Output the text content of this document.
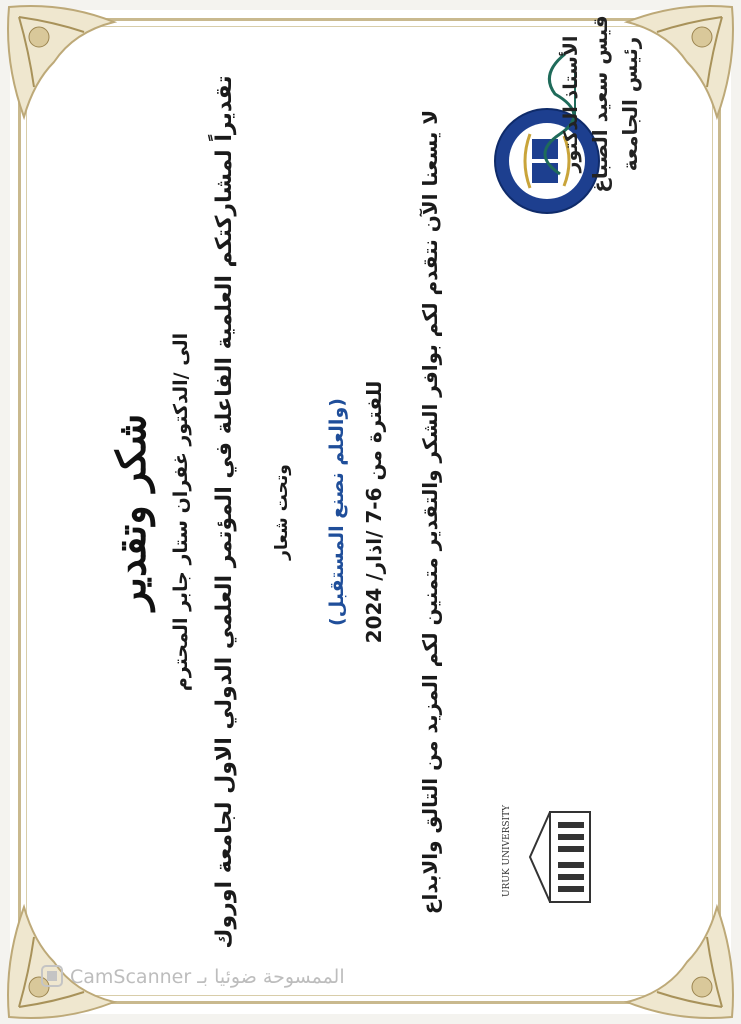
شكر وتقدير الى /الدكتور غفران ستار جابر المحترم تقديراً لمشاركتكم العلمية الفاعلة في المؤتمر العلمي الدولي الاول لجامعة اوروك وتحت شعار (والعلم نصنع المستقبل) للفترة من 6-7 /اذار/ 2024 لا يسعنا الآن نتقدم لكم بوافر الشكر والتقدير متمنين لكم المزيد من التالق والابداع
الأستاذ الدكتور قيس سعيد الصباغ رئيس الجامعة
URUK UNIVERSITY
الممسوحة ضوئيا بـ CamScanner
